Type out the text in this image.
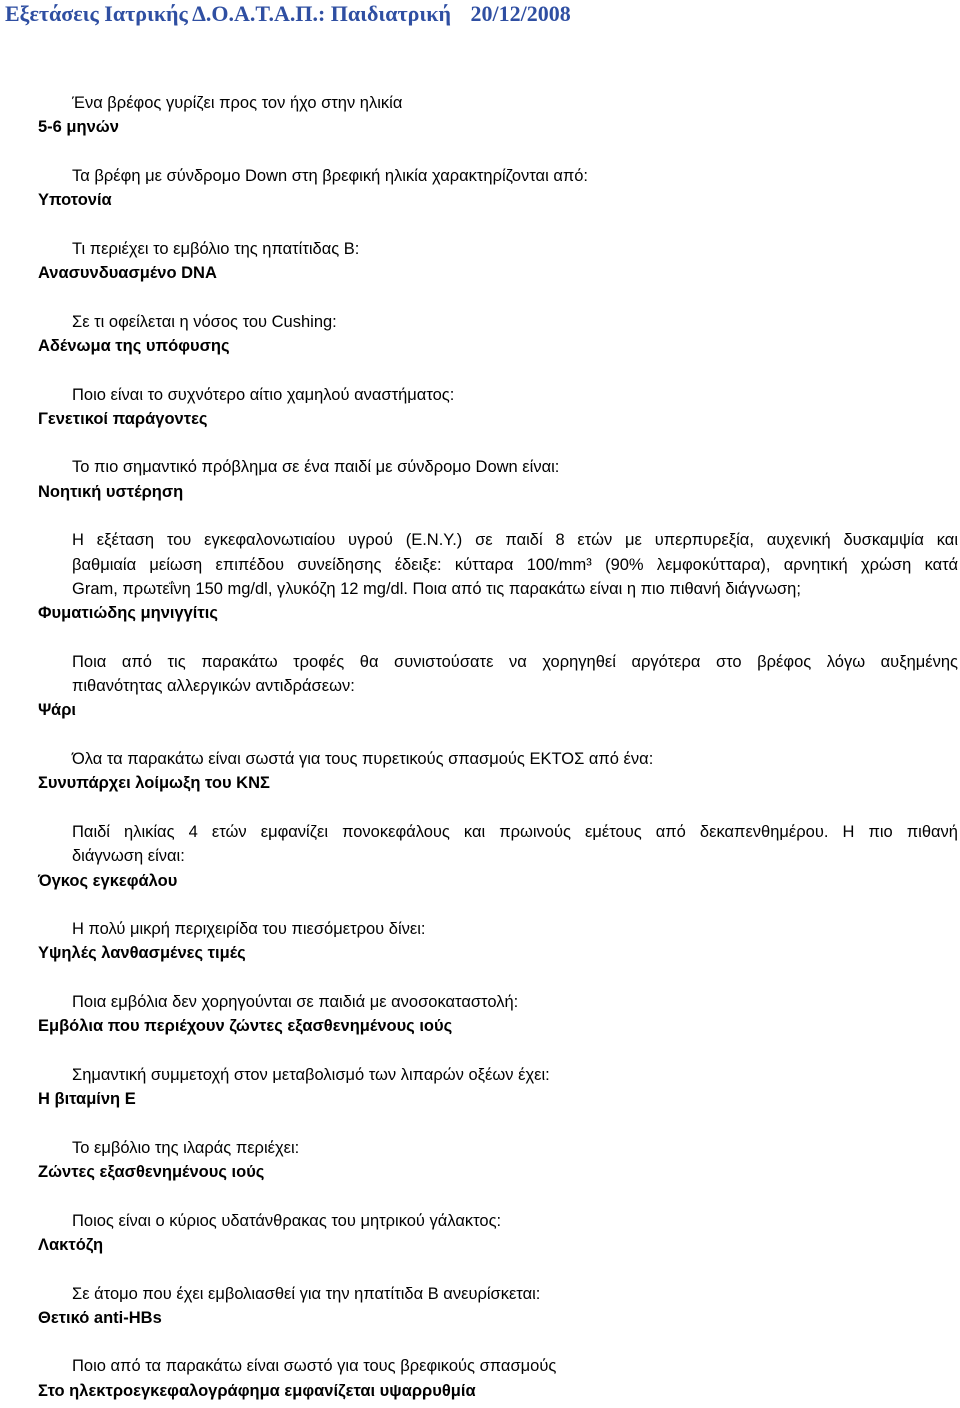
Εξετάσεις Ιατρικής Δ.Ο.Α.Τ.Α.Π.: Παιδιατρική 20/12/2008
Ένα βρέφος γυρίζει προς τον ήχο στην ηλικία
5-6 μηνών
Τα βρέφη με σύνδρομο Down στη βρεφική ηλικία χαρακτηρίζονται από:
Υποτονία
Τι περιέχει το εμβόλιο της ηπατίτιδας Β:
Ανασυνδυασμένο DNA
Σε τι οφείλεται η νόσος του Cushing:
Αδένωμα της υπόφυσης
Ποιο είναι το συχνότερο αίτιο χαμηλού αναστήματος:
Γενετικοί παράγοντες
Το πιο σημαντικό πρόβλημα σε ένα παιδί με σύνδρομο Down είναι:
Νοητική υστέρηση
Η εξέταση του εγκεφαλονωτιαίου υγρού (Ε.Ν.Υ.) σε παιδί 8 ετών με υπερπυρεξία, αυχενική δυσκαμψία και
βαθμιαία μείωση επιπέδου συνείδησης έδειξε: κύτταρα 100/mm³ (90% λεμφοκύτταρα), αρνητική χρώση κατά
Gram, πρωτεΐνη 150 mg/dl, γλυκόζη 12 mg/dl. Ποια από τις παρακάτω είναι η πιο πιθανή διάγνωση;
Φυματιώδης μηνιγγίτις
Ποια από τις παρακάτω τροφές θα συνιστούσατε να χορηγηθεί αργότερα στο βρέφος λόγω αυξημένης
πιθανότητας αλλεργικών αντιδράσεων:
Ψάρι
Όλα τα παρακάτω είναι σωστά για τους πυρετικούς σπασμούς ΕΚΤΟΣ από ένα:
Συνυπάρχει λοίμωξη του ΚΝΣ
Παιδί ηλικίας 4 ετών εμφανίζει πονοκεφάλους και πρωινούς εμέτους από δεκαπενθημέρου. Η πιο πιθανή
διάγνωση είναι:
Όγκος εγκεφάλου
Η πολύ μικρή περιχειρίδα του πιεσόμετρου δίνει:
Υψηλές λανθασμένες τιμές
Ποια εμβόλια δεν χορηγούνται σε παιδιά με ανοσοκαταστολή:
Εμβόλια που περιέχουν ζώντες εξασθενημένους ιούς
Σημαντική συμμετοχή στον μεταβολισμό των λιπαρών οξέων έχει:
Η βιταμίνη Ε
Το εμβόλιο της ιλαράς περιέχει:
Ζώντες εξασθενημένους ιούς
Ποιος είναι ο κύριος υδατάνθρακας του μητρικού γάλακτος:
Λακτόζη
Σε άτομο που έχει εμβολιασθεί για την ηπατίτιδα Β ανευρίσκεται:
Θετικό anti-HBs
Ποιο από τα παρακάτω είναι σωστό για τους βρεφικούς σπασμούς
Στο ηλεκτροεγκεφαλογράφημα εμφανίζεται υψαρρυθμία
